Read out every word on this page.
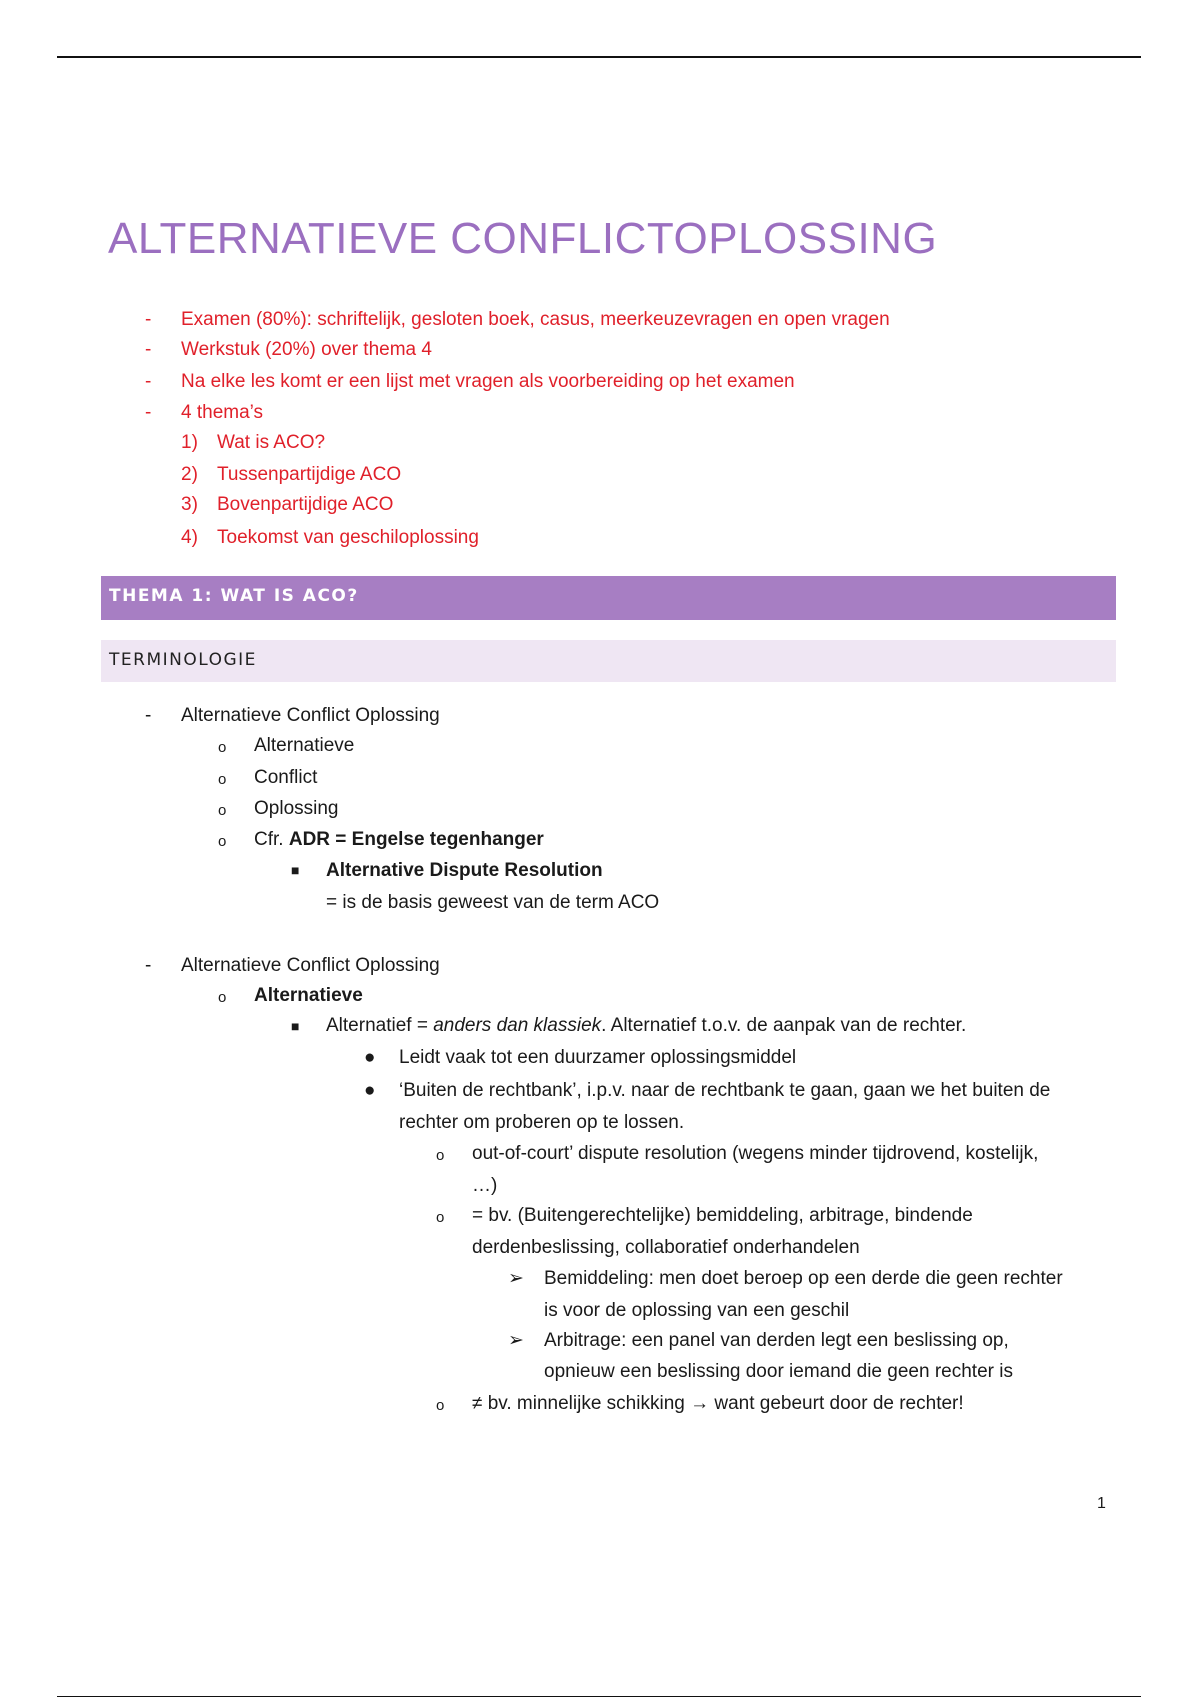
ALTERNATIEVE CONFLICTOPLOSSING
- Examen (80%): schriftelijk, gesloten boek, casus, meerkeuzevragen en open vragen
- Werkstuk (20%) over thema 4
- Na elke les komt er een lijst met vragen als voorbereiding op het examen
- 4 thema’s
1) Wat is ACO?
2) Tussenpartijdige ACO
3) Bovenpartijdige ACO
4) Toekomst van geschiloplossing
THEMA 1: WAT IS ACO?
TERMINOLOGIE
- Alternatieve Conflict Oplossing
o Alternatieve
o Conflict
o Oplossing
o Cfr. ADR = Engelse tegenhanger
■ Alternative Dispute Resolution
= is de basis geweest van de term ACO
- Alternatieve Conflict Oplossing
o Alternatieve
■ Alternatief = anders dan klassiek. Alternatief t.o.v. de aanpak van de rechter.
● Leidt vaak tot een duurzamer oplossingsmiddel
● ‘Buiten de rechtbank’, i.p.v. naar de rechtbank te gaan, gaan we het buiten de
rechter om proberen op te lossen.
o out-of-court’ dispute resolution (wegens minder tijdrovend, kostelijk,
…)
o = bv. (Buitengerechtelijke) bemiddeling, arbitrage, bindende
derdenbeslissing, collaboratief onderhandelen
➢ Bemiddeling: men doet beroep op een derde die geen rechter
is voor de oplossing van een geschil
➢ Arbitrage: een panel van derden legt een beslissing op,
opnieuw een beslissing door iemand die geen rechter is
o ≠ bv. minnelijke schikking → want gebeurt door de rechter!
1
